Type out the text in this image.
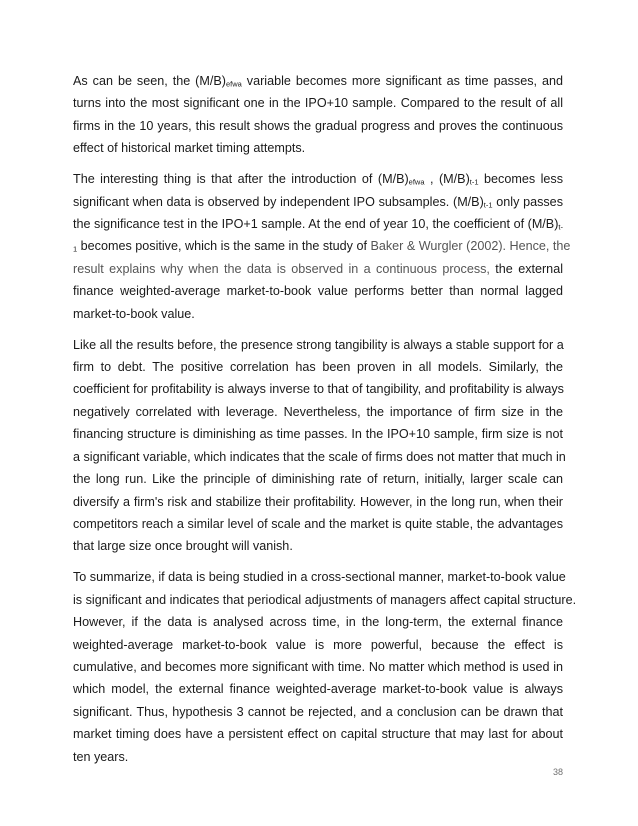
As can be seen, the $(M/B)_{efwa}$ variable becomes more significant as time passes, and
turns into the most significant one in the IPO+10 sample. Compared to the result of all
firms in the 10 years, this result shows the gradual progress and proves the continuous
effect of historical market timing attempts.

The interesting thing is that after the introduction of $(M/B)_{efwa}$ , $(M/B)_{t-1}$ becomes less
significant when data is observed by independent IPO subsamples. $(M/B)_{t-1}$ only passes
the significance test in the IPO+1 sample. At the end of year 10, the coefficient of $(M/B)_{t-}$
$_1$ becomes positive, which is the same in the study of Baker & Wurgler (2002). Hence, the
result explains why when the data is observed in a continuous process, the external
finance weighted-average market-to-book value performs better than normal lagged
market-to-book value.

Like all the results before, the presence strong tangibility is always a stable support for a
firm to debt. The positive correlation has been proven in all models. Similarly, the
coefficient for profitability is always inverse to that of tangibility, and profitability is always
negatively correlated with leverage. Nevertheless, the importance of firm size in the
financing structure is diminishing as time passes. In the IPO+10 sample, firm size is not
a significant variable, which indicates that the scale of firms does not matter that much in
the long run. Like the principle of diminishing rate of return, initially, larger scale can
diversify a firm's risk and stabilize their profitability. However, in the long run, when their
competitors reach a similar level of scale and the market is quite stable, the advantages
that large size once brought will vanish.

To summarize, if data is being studied in a cross-sectional manner, market-to-book value
is significant and indicates that periodical adjustments of managers affect capital structure.
However, if the data is analysed across time, in the long-term, the external finance
weighted-average market-to-book value is more powerful, because the effect is
cumulative, and becomes more significant with time. No matter which method is used in
which model, the external finance weighted-average market-to-book value is always
significant. Thus, hypothesis 3 cannot be rejected, and a conclusion can be drawn that
market timing does have a persistent effect on capital structure that may last for about
ten years.

38
